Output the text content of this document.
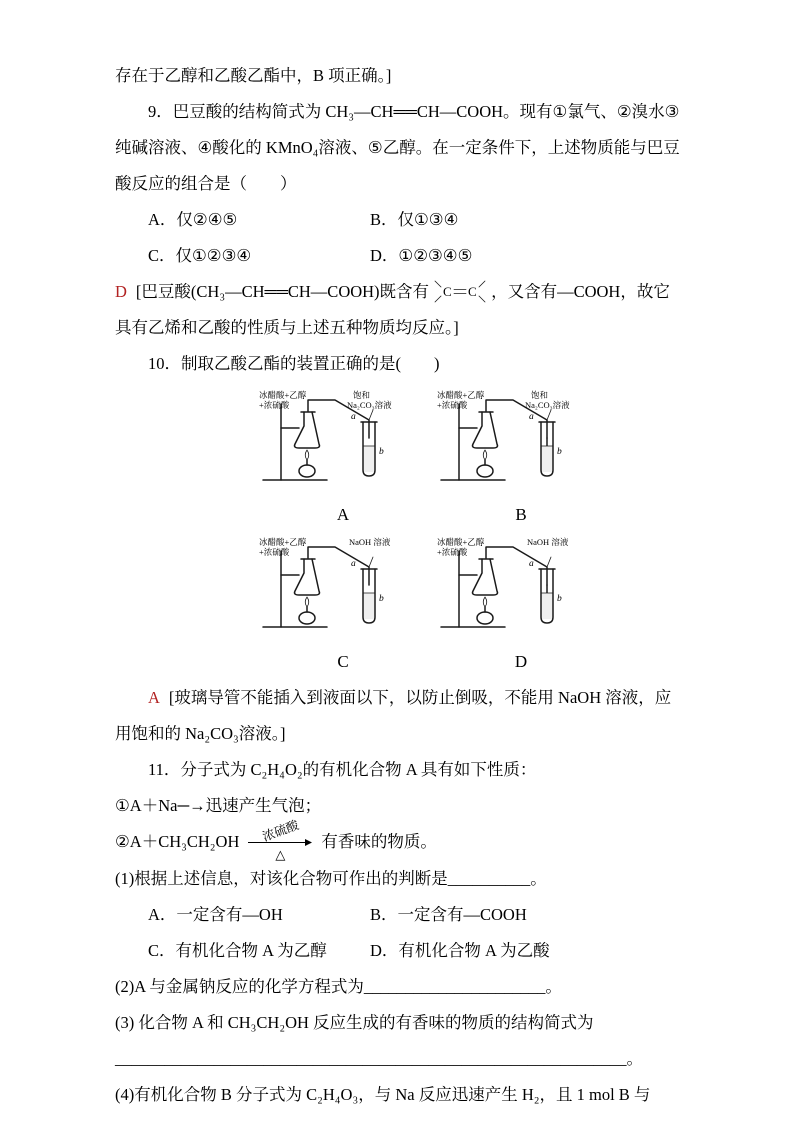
存在于乙醇和乙酸乙酯中，B 项正确。]

9．巴豆酸的结构简式为 CH₃—CH══CH—COOH。现有①氯气、②溴水③纯碱溶液、④酸化的 KMnO₄溶液、⑤乙醇。在一定条件下，上述物质能与巴豆酸反应的组合是（　　）

A．仅②④⑤	B．仅①③④
C．仅①②③④	D．①②③④⑤

D [巴豆酸(CH₃—CH══CH—COOH)既含有 C C ，又含有—COOH，故它具有乙烯和乙酸的性质与上述五种物质均反应。]

10．制取乙酸乙酯的装置正确的是(　　)

冰醋酸+乙醇
+浓硫酸
饱和
Na₂CO₃溶液
a
b
A
冰醋酸+乙醇
+浓硫酸
饱和
Na₂CO₃溶液
a
b
B
冰醋酸+乙醇
+浓硫酸
NaOH 溶液
a
b
C
冰醋酸+乙醇
+浓硫酸
NaOH 溶液
a
b
D

A [玻璃导管不能插入到液面以下，以防止倒吸，不能用 NaOH 溶液，应用饱和的 Na₂CO₃溶液。]

11．分子式为 C₂H₄O₂的有机化合物 A 具有如下性质：

①A＋Na─→迅速产生气泡；

②A＋CH₃CH₂OH 浓硫酸
△
有香味的物质。

(1)根据上述信息，对该化合物可作出的判断是__________。

A．一定含有—OH	B．一定含有—COOH
C．有机化合物 A 为乙醇	D．有机化合物 A 为乙酸

(2)A 与金属钠反应的化学方程式为______________________。

(3) 化合物 A 和 CH₃CH₂OH 反应生成的有香味的物质的结构简式为
______________________________________________________________。

(4)有机化合物 B 分子式为 C₂H₄O₃，与 Na 反应迅速产生 H₂，且 1 mol B 与
